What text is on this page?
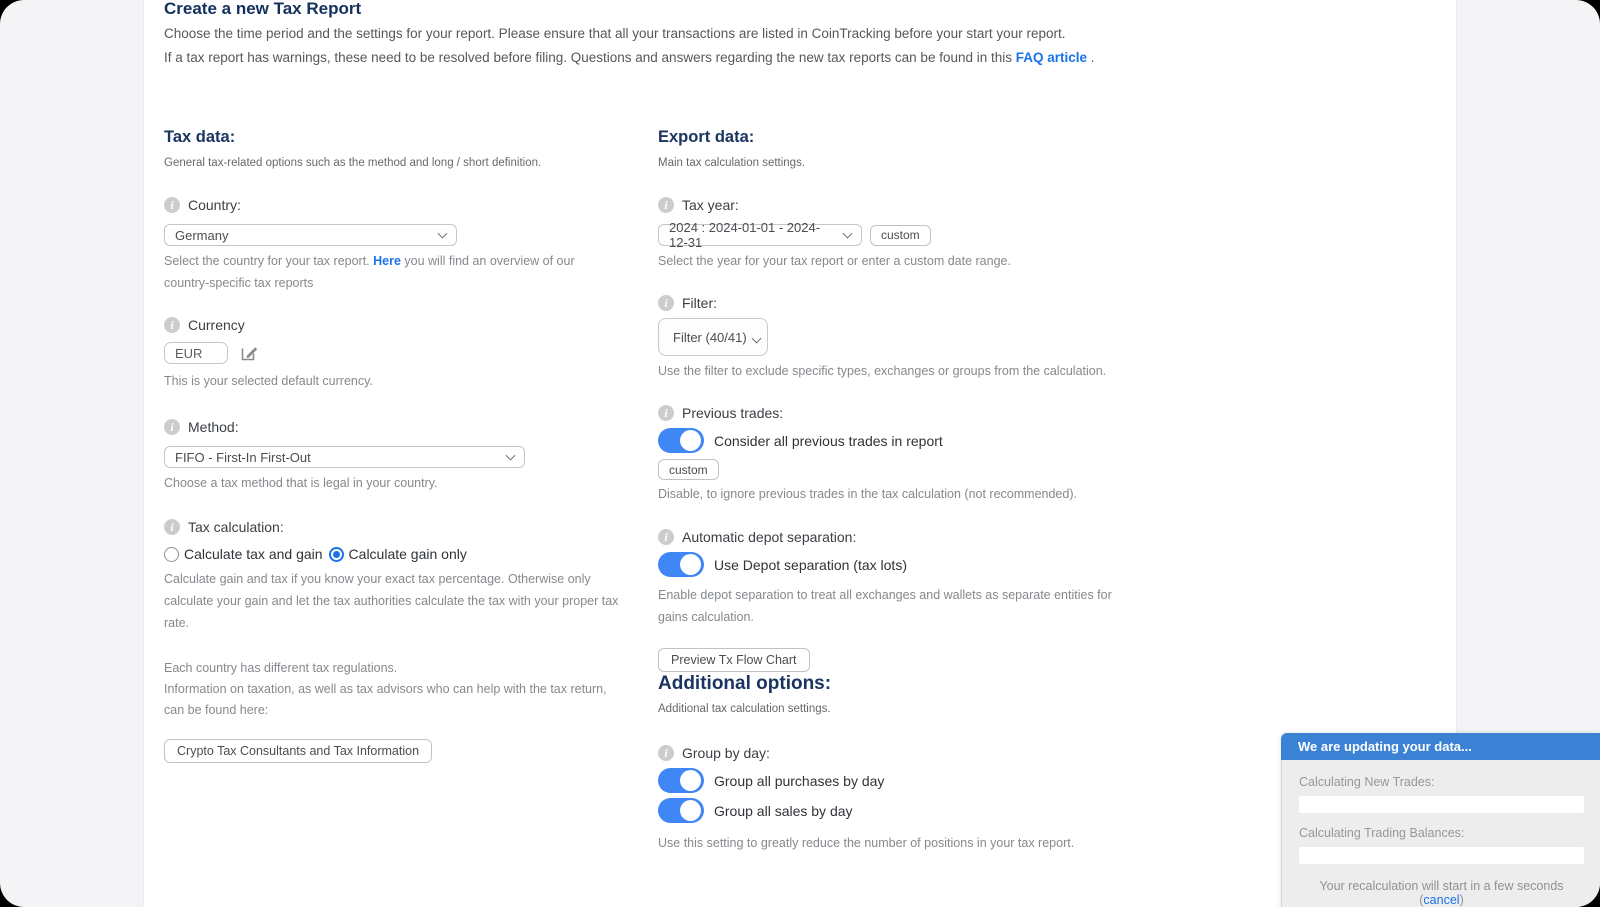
Create a new Tax Report

Choose the time period and the settings for your report. Please ensure that all your transactions are listed in CoinTracking before your start your report.

If a tax report has warnings, these need to be resolved before filing. Questions and answers regarding the new tax reports can be found in this FAQ article .

Tax data:

General tax-related options such as the method and long / short definition.

i	Country:
Germany

Select the country for your tax report. Here you will find an overview of our country-specific tax reports

i	Currency
EUR

This is your selected default currency.

i	Method:
FIFO - First-In First-Out

Choose a tax method that is legal in your country.

i	Tax calculation:
Calculate tax and gain Calculate gain only

Calculate gain and tax if you know your exact tax percentage. Otherwise only calculate your gain and let the tax authorities calculate the tax with your proper tax rate.

Each country has different tax regulations.
Information on taxation, as well as tax advisors who can help with the tax return, can be found here:

Crypto Tax Consultants and Tax Information
Export data:

Main tax calculation settings.

i	Tax year:
2024 : 2024-01-01 - 2024-12-31	custom

Select the year for your tax report or enter a custom date range.

i	Filter:
Filter (40/41)

Use the filter to exclude specific types, exchanges or groups from the calculation.

i	Previous trades:
Consider all previous trades in report
custom

Disable, to ignore previous trades in the tax calculation (not recommended).

i	Automatic depot separation:
Use Depot separation (tax lots)

Enable depot separation to treat all exchanges and wallets as separate entities for gains calculation.

Preview Tx Flow Chart
Additional options:

Additional tax calculation settings.

i	Group by day:
Group all purchases by day
Group all sales by day

Use this setting to greatly reduce the number of positions in your tax report.

We are updating your data...
Calculating New Trades:
Calculating Trading Balances:
Your recalculation will start in a few seconds (cancel)
